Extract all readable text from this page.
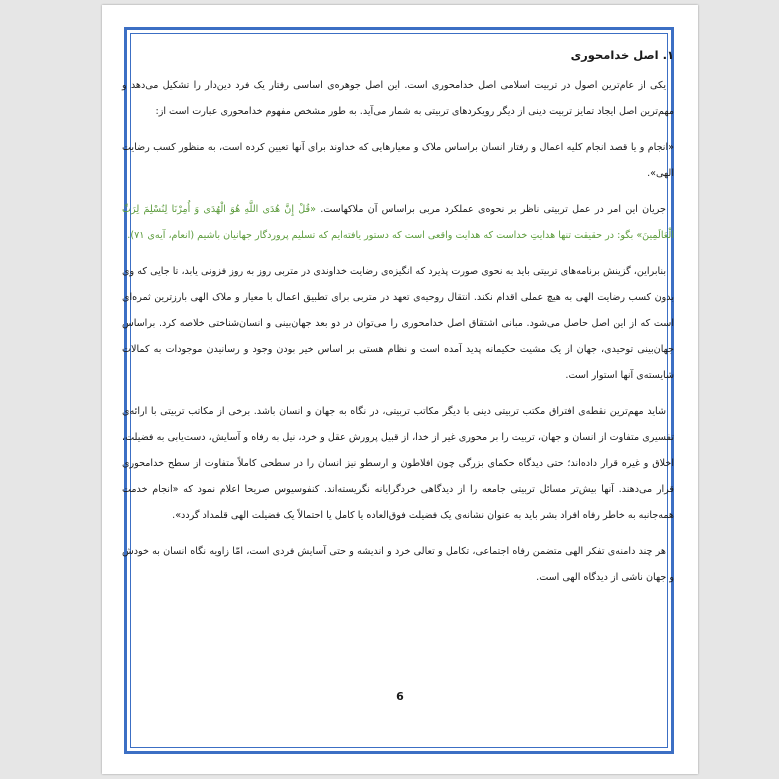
۱. اصل خدامحوری

یکی از عام‌ترین اصول در تربیت اسلامی اصل خدامحوری است. این اصل جوهره‌ی اساسی رفتار یک فرد دین‌دار را تشکیل می‌دهد و مهم‌ترین اصل ایجاد تمایز تربیت دینی از دیگر رویکردهای تربیتی به شمار می‌آید. به طور مشخص مفهوم خدامحوری عبارت است از:

«انجام و یا قصد انجام کلیه اعمال و رفتار انسان براساس ملاک و معیارهایی که خداوند برای آنها تعیین کرده است، به منظور کسب رضایت الهی».

جریان این امر در عمل تربیتی ناظر بر نحوه‌ی عملکرد مربی براساس آن ملاکهاست. «قُلْ إِنَّ هُدَی اللَّهِ هُوَ الْهُدَی وَ أُمِرْنَا لِنُسْلِمَ لِرَبِّ الْعَالَمِینَ» بگو: در حقیقت تنها هدایتِ خداست که هدایت واقعی است که دستور یافته‌ایم که تسلیم پروردگار جهانیان باشیم (انعام، آیه‌ی ۷۱).

بنابراین، گزینش برنامه‌های تربیتی باید به نحوی صورت پذیرد که انگیزه‌ی رضایت خداوندی در متربی روز به روز فزونی یابد، تا جایی که وی بدون کسب رضایت الهی به هیچ عملی اقدام نکند. انتقال روحیه‌ی تعهد در متربی برای تطبیق اعمال با معیار و ملاک الهی بارزترین ثمره‌ای است که از این اصل حاصل می‌شود. مبانی اشتقاق اصل خدامحوری را می‌توان در دو بعد جهان‌بینی و انسان‌شناختی خلاصه کرد. براساس جهان‌بینی توحیدی، جهان از یک مشیت حکیمانه پدید آمده است و نظام هستی بر اساس خیر بودن وجود و رسانیدن موجودات به کمالات شایسته‌ی آنها استوار است.

شاید مهم‌ترین نقطه‌ی افتراق مکتب تربیتی دینی با دیگر مکاتب تربیتی، در نگاه به جهان و انسان باشد. برخی از مکاتب تربیتی با ارائه‌ی تفسیری متفاوت از انسان و جهان، تربیت را بر محوری غیر از خدا، از قبیل پرورش عقل و خرد، نیل به رفاه و آسایش، دست‌یابی به فضیلت، اخلاق و غیره قرار داده‌اند؛ حتی دیدگاه حکمای بزرگی چون افلاطون و ارسطو نیز انسان را در سطحی کاملاً متفاوت از سطح خدامحوری قرار می‌دهند. آنها بیش‌تر مسائل تربیتی جامعه را از دیدگاهی خردگرایانه نگریسته‌اند. کنفوسیوس صریحا اعلام نمود که «انجام خدمت همه‌جانبه به خاطر رفاه افراد بشر باید به عنوان نشانه‌ی یک فضیلت فوق‌العاده یا کامل یا احتمالاً یک فضیلت الهی قلمداد گردد».

هر چند دامنه‌ی تفکر الهی متضمن رفاه اجتماعی، تکامل و تعالی خرد و اندیشه و حتی آسایش فردی است، امّا زاویه نگاه انسان به خودش و جهان ناشی از دیدگاه الهی است.

6
